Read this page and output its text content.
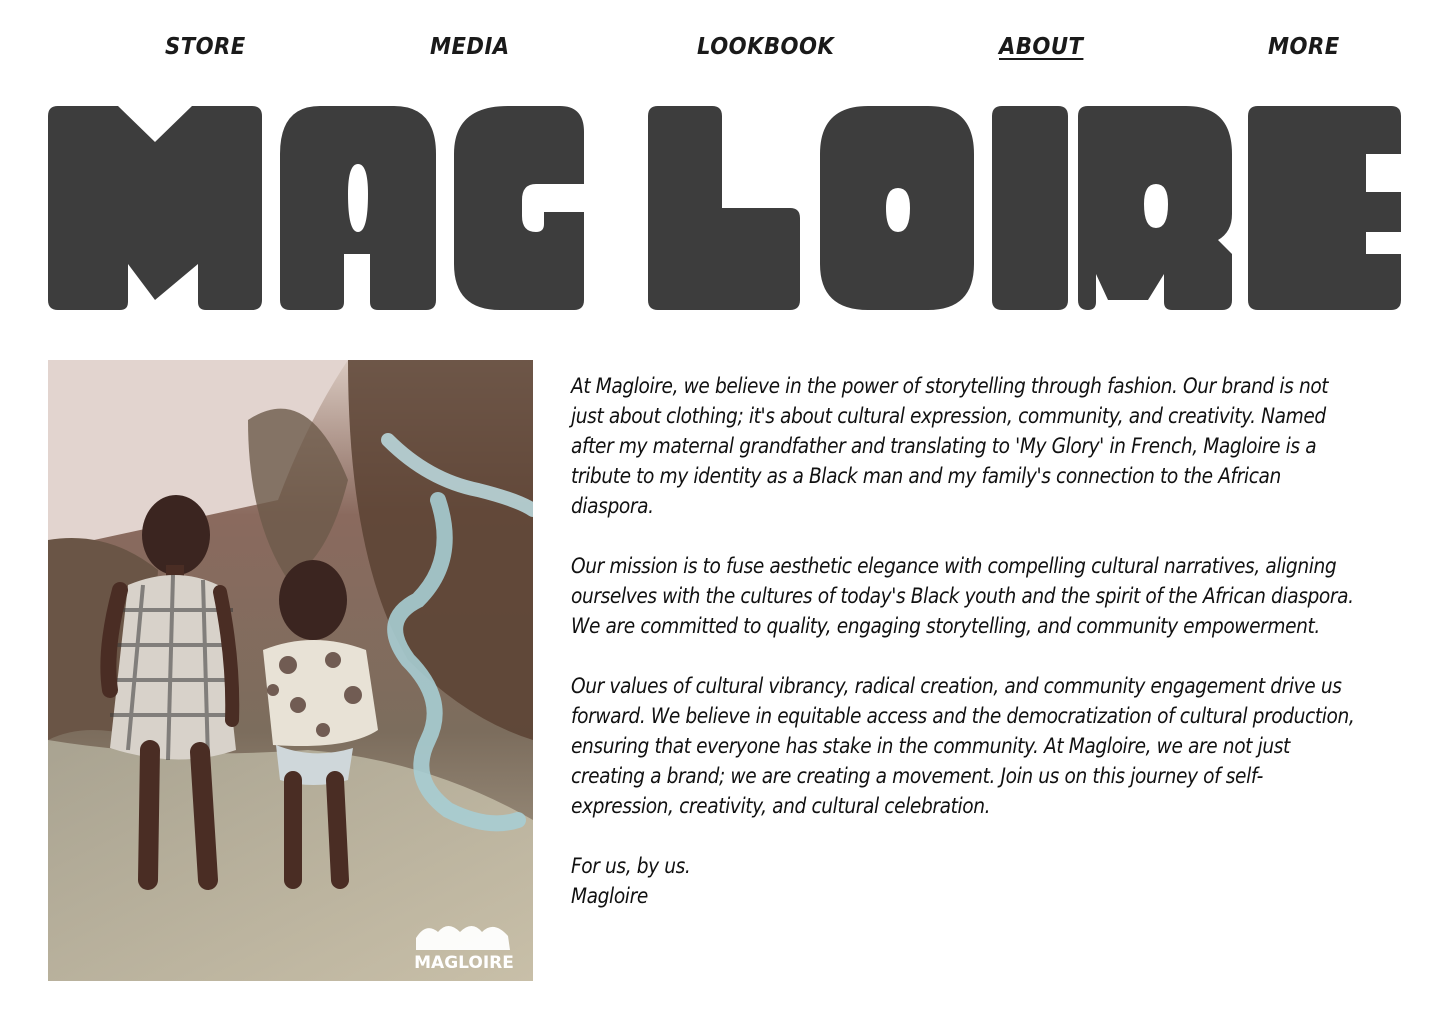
STORE	MEDIA	LOOKBOOK	ABOUT	MORE
MAGLOIRE

At Magloire, we believe in the power of storytelling through fashion. Our brand is not just about clothing; it's about cultural expression, community, and creativity. Named after my maternal grandfather and translating to 'My Glory' in French, Magloire is a tribute to my identity as a Black man and my family's connection to the African diaspora.

Our mission is to fuse aesthetic elegance with compelling cultural narratives, aligning ourselves with the cultures of today's Black youth and the spirit of the African diaspora. We are committed to quality, engaging storytelling, and community empowerment.

Our values of cultural vibrancy, radical creation, and community engagement drive us forward. We believe in equitable access and the democratization of cultural production, ensuring that everyone has stake in the community. At Magloire, we are not just creating a brand; we are creating a movement. Join us on this journey of self-expression, creativity, and cultural celebration.

For us, by us.
Magloire
